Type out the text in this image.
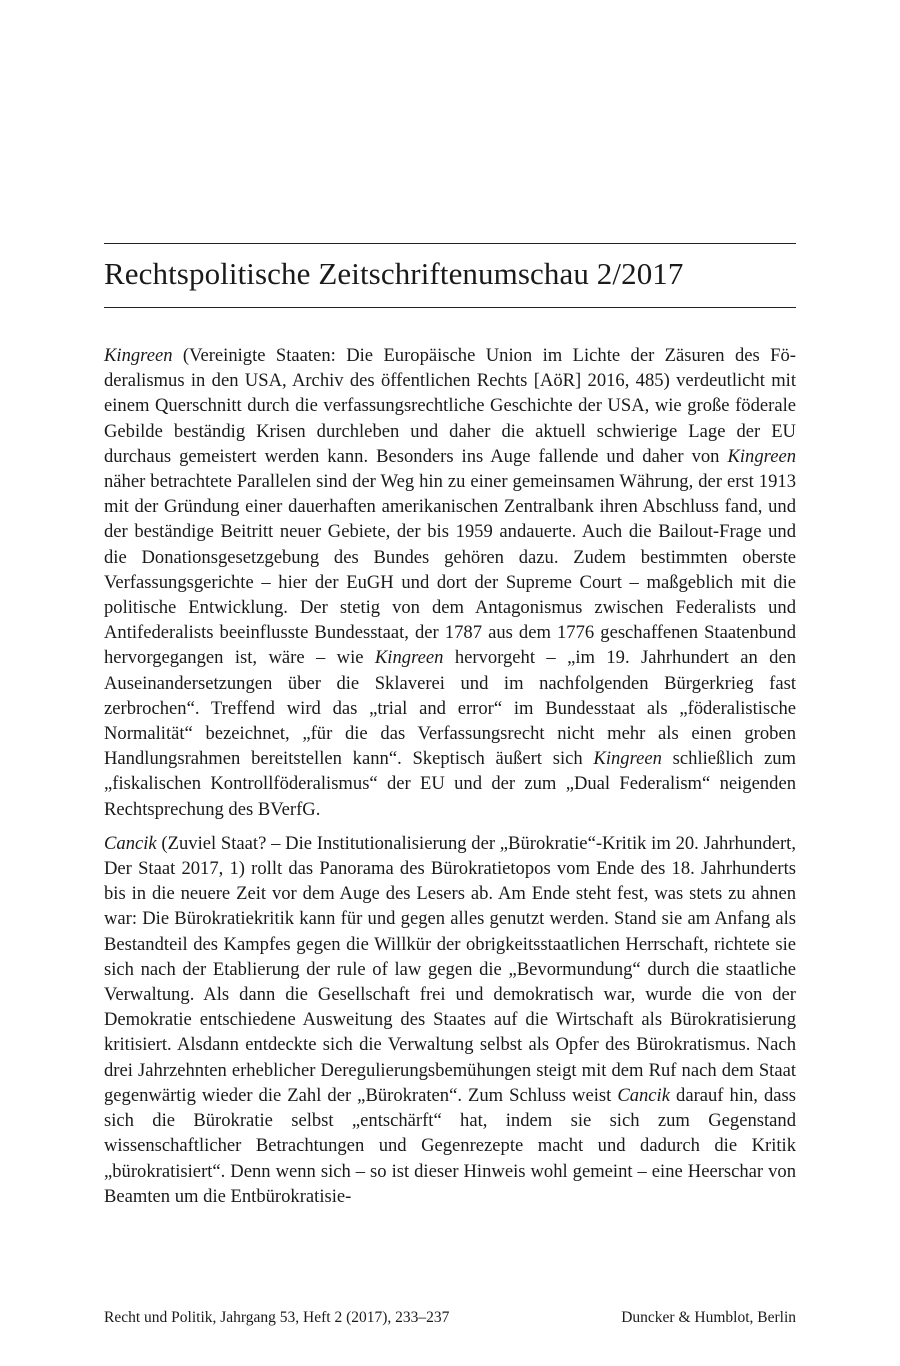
Rechtspolitische Zeitschriftenumschau 2/2017

Kingreen (Vereinigte Staaten: Die Europäische Union im Lichte der Zäsuren des Föderalismus in den USA, Archiv des öffentlichen Rechts [AöR] 2016, 485) verdeutlicht mit einem Querschnitt durch die verfassungsrechtliche Geschichte der USA, wie große föderale Gebilde beständig Krisen durchleben und daher die aktuell schwierige Lage der EU durchaus gemeistert werden kann. Besonders ins Auge fallende und daher von Kingreen näher betrachtete Parallelen sind der Weg hin zu einer gemeinsamen Währung, der erst 1913 mit der Gründung einer dauerhaften amerikanischen Zentralbank ihren Abschluss fand, und der beständige Beitritt neuer Gebiete, der bis 1959 andauerte. Auch die Bailout-Frage und die Donationsgesetzgebung des Bundes gehören dazu. Zudem bestimmten oberste Verfassungsgerichte – hier der EuGH und dort der Supreme Court – maßgeblich mit die politische Entwicklung. Der stetig von dem Antagonismus zwischen Federalists und Antifederalists beeinflusste Bundesstaat, der 1787 aus dem 1776 geschaffenen Staatenbund hervorgegangen ist, wäre – wie Kingreen hervorgeht – „im 19. Jahrhundert an den Auseinandersetzungen über die Sklaverei und im nachfolgenden Bürgerkrieg fast zerbrochen“. Treffend wird das „trial and error“ im Bundesstaat als „föderalistische Normalität“ bezeichnet, „für die das Verfassungsrecht nicht mehr als einen groben Handlungsrahmen bereitstellen kann“. Skeptisch äußert sich Kingreen schließlich zum „fiskalischen Kontrollföderalismus“ der EU und der zum „Dual Federalism“ neigenden Rechtsprechung des BVerfG.

Cancik (Zuviel Staat? – Die Institutionalisierung der „Bürokratie“-Kritik im 20. Jahrhundert, Der Staat 2017, 1) rollt das Panorama des Bürokratietopos vom Ende des 18. Jahrhunderts bis in die neuere Zeit vor dem Auge des Lesers ab. Am Ende steht fest, was stets zu ahnen war: Die Bürokratiekritik kann für und gegen alles genutzt werden. Stand sie am Anfang als Bestandteil des Kampfes gegen die Willkür der obrigkeitsstaatlichen Herrschaft, richtete sie sich nach der Etablierung der rule of law gegen die „Bevormundung“ durch die staatliche Verwaltung. Als dann die Gesellschaft frei und demokratisch war, wurde die von der Demokratie entschiedene Ausweitung des Staates auf die Wirtschaft als Bürokratisierung kritisiert. Alsdann entdeckte sich die Verwaltung selbst als Opfer des Bürokratismus. Nach drei Jahrzehnten erheblicher Deregulierungsbemühungen steigt mit dem Ruf nach dem Staat gegenwärtig wieder die Zahl der „Bürokraten“. Zum Schluss weist Cancik darauf hin, dass sich die Bürokratie selbst „entschärft“ hat, indem sie sich zum Gegenstand wissenschaftlicher Betrachtungen und Gegenrezepte macht und dadurch die Kritik „bürokratisiert“. Denn wenn sich – so ist dieser Hinweis wohl gemeint – eine Heerschar von Beamten um die Entbürokratisie-

Recht und Politik, Jahrgang 53, Heft 2 (2017), 233–237	Duncker & Humblot, Berlin
